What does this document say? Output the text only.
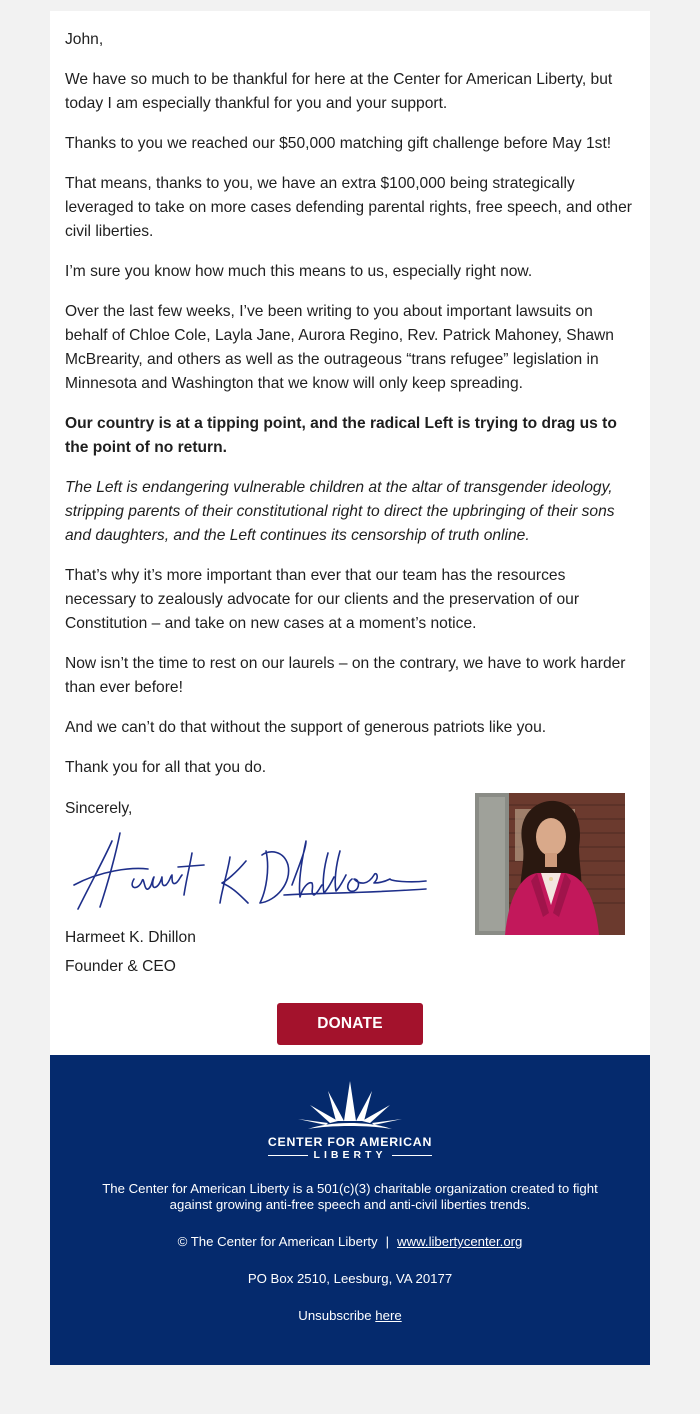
John,

We have so much to be thankful for here at the Center for American Liberty, but today I am especially thankful for you and your support.

Thanks to you we reached our $50,000 matching gift challenge before May 1st!

That means, thanks to you, we have an extra $100,000 being strategically leveraged to take on more cases defending parental rights, free speech, and other civil liberties.

I’m sure you know how much this means to us, especially right now.

Over the last few weeks, I’ve been writing to you about important lawsuits on behalf of Chloe Cole, Layla Jane, Aurora Regino, Rev. Patrick Mahoney, Shawn McBrearity, and others as well as the outrageous “trans refugee” legislation in Minnesota and Washington that we know will only keep spreading.

Our country is at a tipping point, and the radical Left is trying to drag us to the point of no return.

The Left is endangering vulnerable children at the altar of transgender ideology, stripping parents of their constitutional right to direct the upbringing of their sons and daughters, and the Left continues its censorship of truth online.

That’s why it’s more important than ever that our team has the resources necessary to zealously advocate for our clients and the preservation of our Constitution – and take on new cases at a moment’s notice.

Now isn’t the time to rest on our laurels – on the contrary, we have to work harder than ever before!

And we can’t do that without the support of generous patriots like you.

Thank you for all that you do.

Sincerely,
Harmeet K. Dhillon
Founder & CEO
DONATE
CENTER FOR AMERICAN
LIBERTY
The Center for American Liberty is a 501(c)(3) charitable organization created to fight against growing anti-free speech and anti-civil liberties trends.
© The Center for American Liberty | www.libertycenter.org
PO Box 2510, Leesburg, VA 20177
Unsubscribe here
